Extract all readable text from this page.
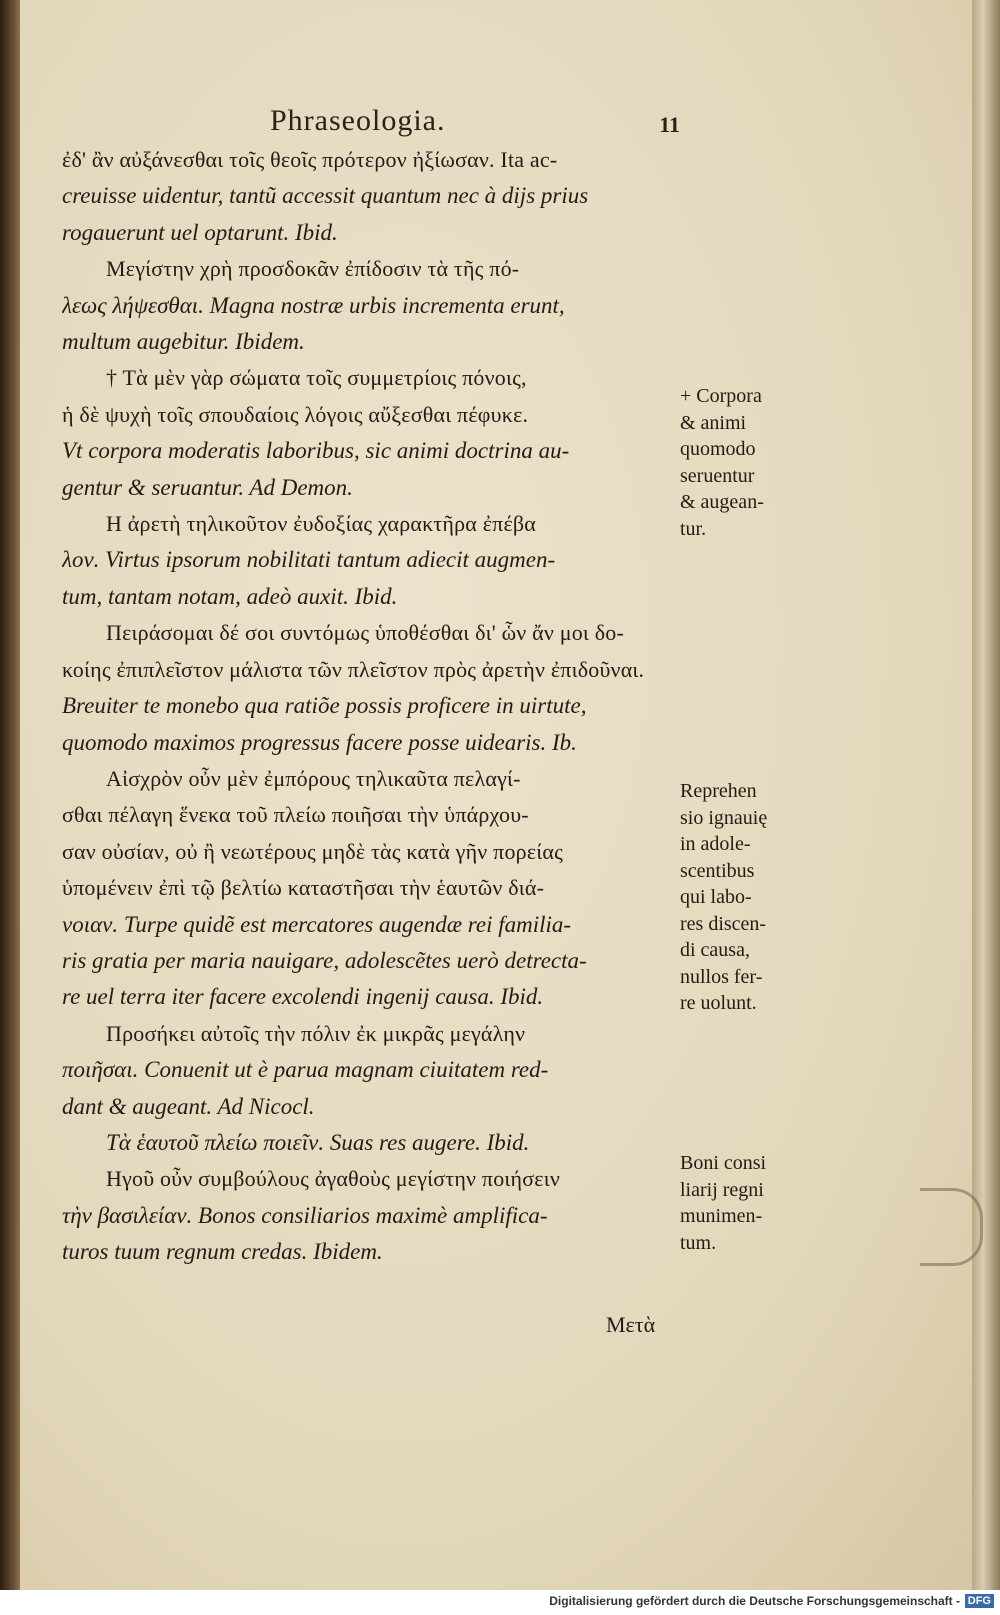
Phraseologia.	11
ἐδ' ἂν αὐξάνεσθαι τοῖς θεοῖς πρότερον ἠξίωσαν. Ita ac-
creuisse uidentur, tantũ accessit quantum nec à dijs prius
rogauerunt uel optarunt. Ibid.
Μεγίστην χρὴ προσδοκᾶν ἐπίδοσιν τὰ τῆς πό-
λεως λήψεσθαι. Magna nostræ urbis incrementa erunt,
multum augebitur. Ibidem.
† Τὰ μὲν γὰρ σώματα τοῖς συμμετρίοις πόνοις,
ἡ δὲ ψυχὴ τοῖς σπουδαίοις λόγοις αὔξεσθαι πέφυκε.
Vt corpora moderatis laboribus, sic animi doctrina au-
gentur & seruantur. Ad Demon.
Η ἀρετὴ τηλικοῦτον ἐυδοξίας χαρακτῆρα ἐπέβα
λον. Virtus ipsorum nobilitati tantum adiecit augmen-
tum, tantam notam, adeò auxit. Ibid.
Πειράσομαι δέ σοι συντόμως ὑποθέσθαι δι' ὧν ἄν μοι δο-
κοίης ἐπιπλεῖστον μάλιστα τῶν πλεῖστον πρὸς ἀρετὴν ἐπιδοῦναι.
Breuiter te monebo qua ratiõe possis proficere in uirtute,
quomodo maximos progressus facere posse uidearis. Ib.
Αἰσχρὸν οὖν μὲν ἐμπόρους τηλικαῦτα πελαγί-
σθαι πέλαγη ἕνεκα τοῦ πλείω ποιῆσαι τὴν ὑπάρχου-
σαν οὐσίαν, οὐ ἢ νεωτέρους μηδὲ τὰς κατὰ γῆν πορείας
ὑπομένειν ἐπὶ τῷ βελτίω καταστῆσαι τὴν ἑαυτῶν διά-
νοιαν. Turpe quidẽ est mercatores augendæ rei familia-
ris gratia per maria nauigare, adolescẽtes uerò detrecta-
re uel terra iter facere excolendi ingenij causa. Ibid.
Προσήκει αὐτοῖς τὴν πόλιν ἐκ μικρᾶς μεγάλην
ποιῆσαι. Conuenit ut è parua magnam ciuitatem red-
dant & augeant. Ad Nicocl.
Τὰ ἑαυτοῦ πλείω ποιεῖν. Suas res augere. Ibid.
Ηγοῦ οὖν συμβούλους ἀγαθοὺς μεγίστην ποιήσειν
τὴν βασιλείαν. Bonos consiliarios maximè amplifica-
turos tuum regnum credas. Ibidem.
+ Corpora
& animi
quomodo
seruentur
& augean-
tur.
Reprehen
sio ignauię
in adole-
scentibus
qui labo-
res discen-
di causa,
nullos fer-
re uolunt.
Boni consi
liarij regni
munimen-
tum.
Μετὰ
Digitalisierung gefördert durch die Deutsche Forschungsgemeinschaft - DFG
